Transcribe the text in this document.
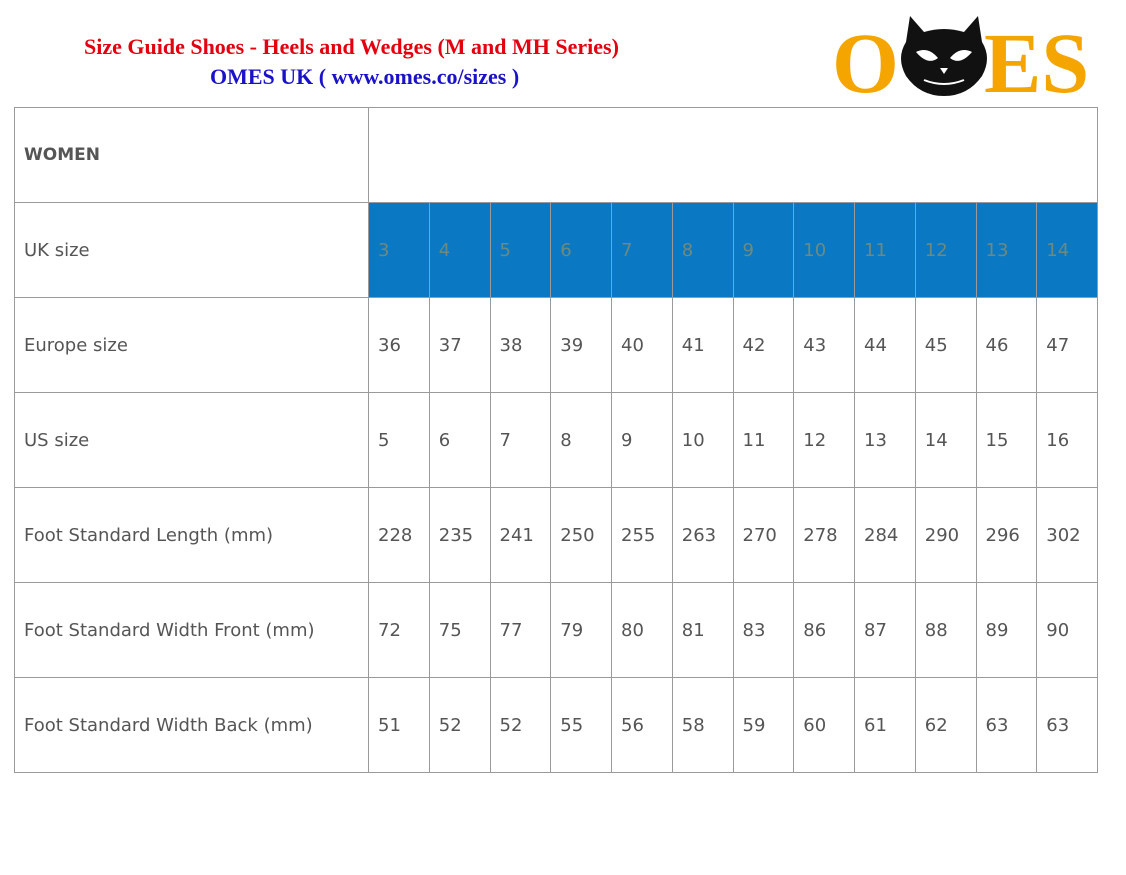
Size Guide Shoes - Heels and Wedges (M and MH Series)
OMES UK ( www.omes.co/sizes )	O ES
WOMEN												
UK size	3	4	5	6	7	8	9	10	11	12	13	14
Europe size	36	37	38	39	40	41	42	43	44	45	46	47
US size	5	6	7	8	9	10	11	12	13	14	15	16
Foot Standard Length (mm)	228	235	241	250	255	263	270	278	284	290	296	302
Foot Standard Width Front (mm)	72	75	77	79	80	81	83	86	87	88	89	90
Foot Standard Width Back (mm)	51	52	52	55	56	58	59	60	61	62	63	63
